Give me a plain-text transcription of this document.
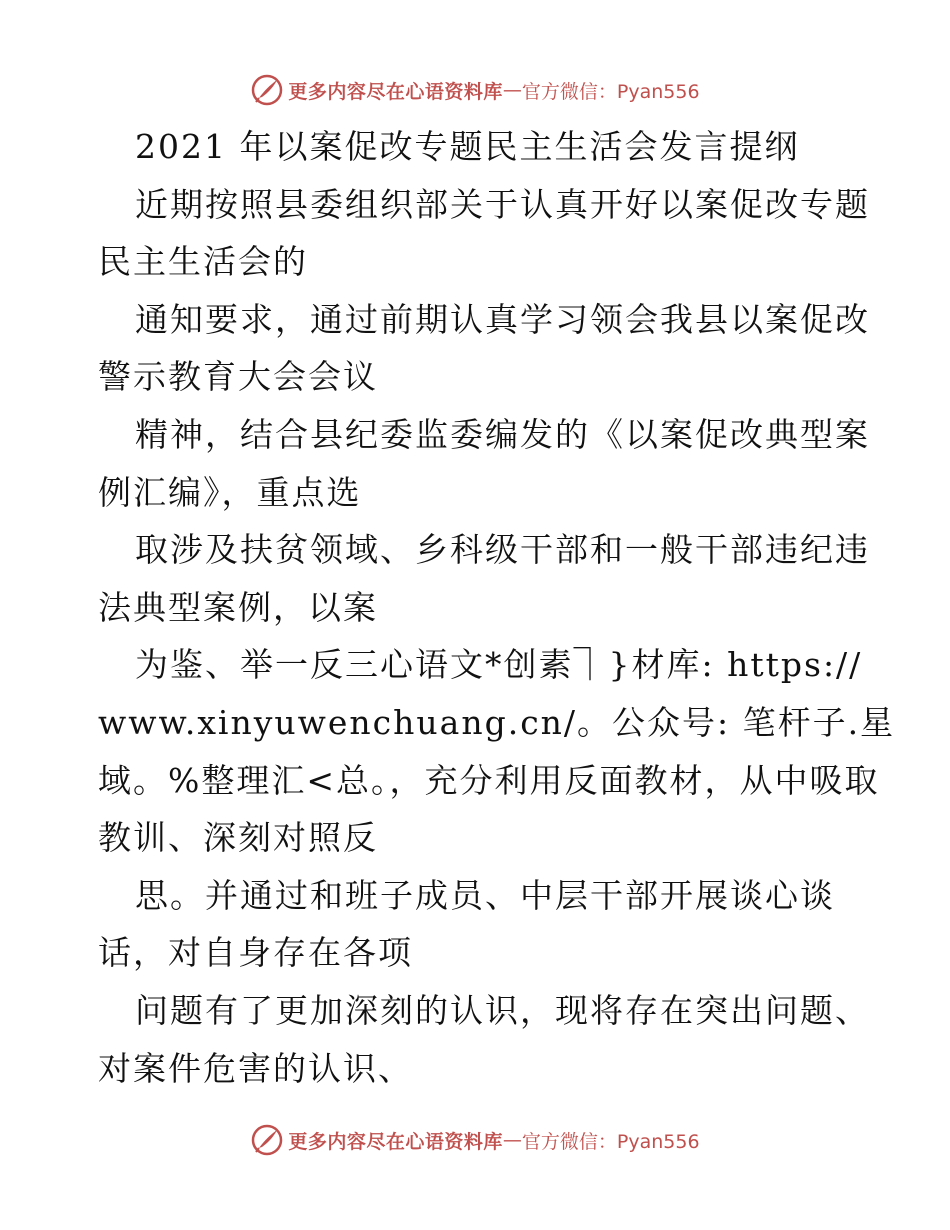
更多内容尽在心语资料库 — 官方微信：Pyan556
2021 年以案促改专题民主生活会发言提纲
近期按照县委组织部关于认真开好以案促改专题
民主生活会的
通知要求，通过前期认真学习领会我县以案促改
警示教育大会会议
精神，结合县纪委监委编发的《以案促改典型案
例汇编》，重点选
取涉及扶贫领域、乡科级干部和一般干部违纪违
法典型案例，以案
为鉴、举一反三心语文*创素⏋}材库: https://
www.xinyuwenchuang.cn/。公众号: 笔杆子.星
域。%整理汇<总。，充分利用反面教材，从中吸取
教训、深刻对照反
思。并通过和班子成员、中层干部开展谈心谈
话，对自身存在各项
问题有了更加深刻的认识，现将存在突出问题、
对案件危害的认识、
更多内容尽在心语资料库 — 官方微信：Pyan556
